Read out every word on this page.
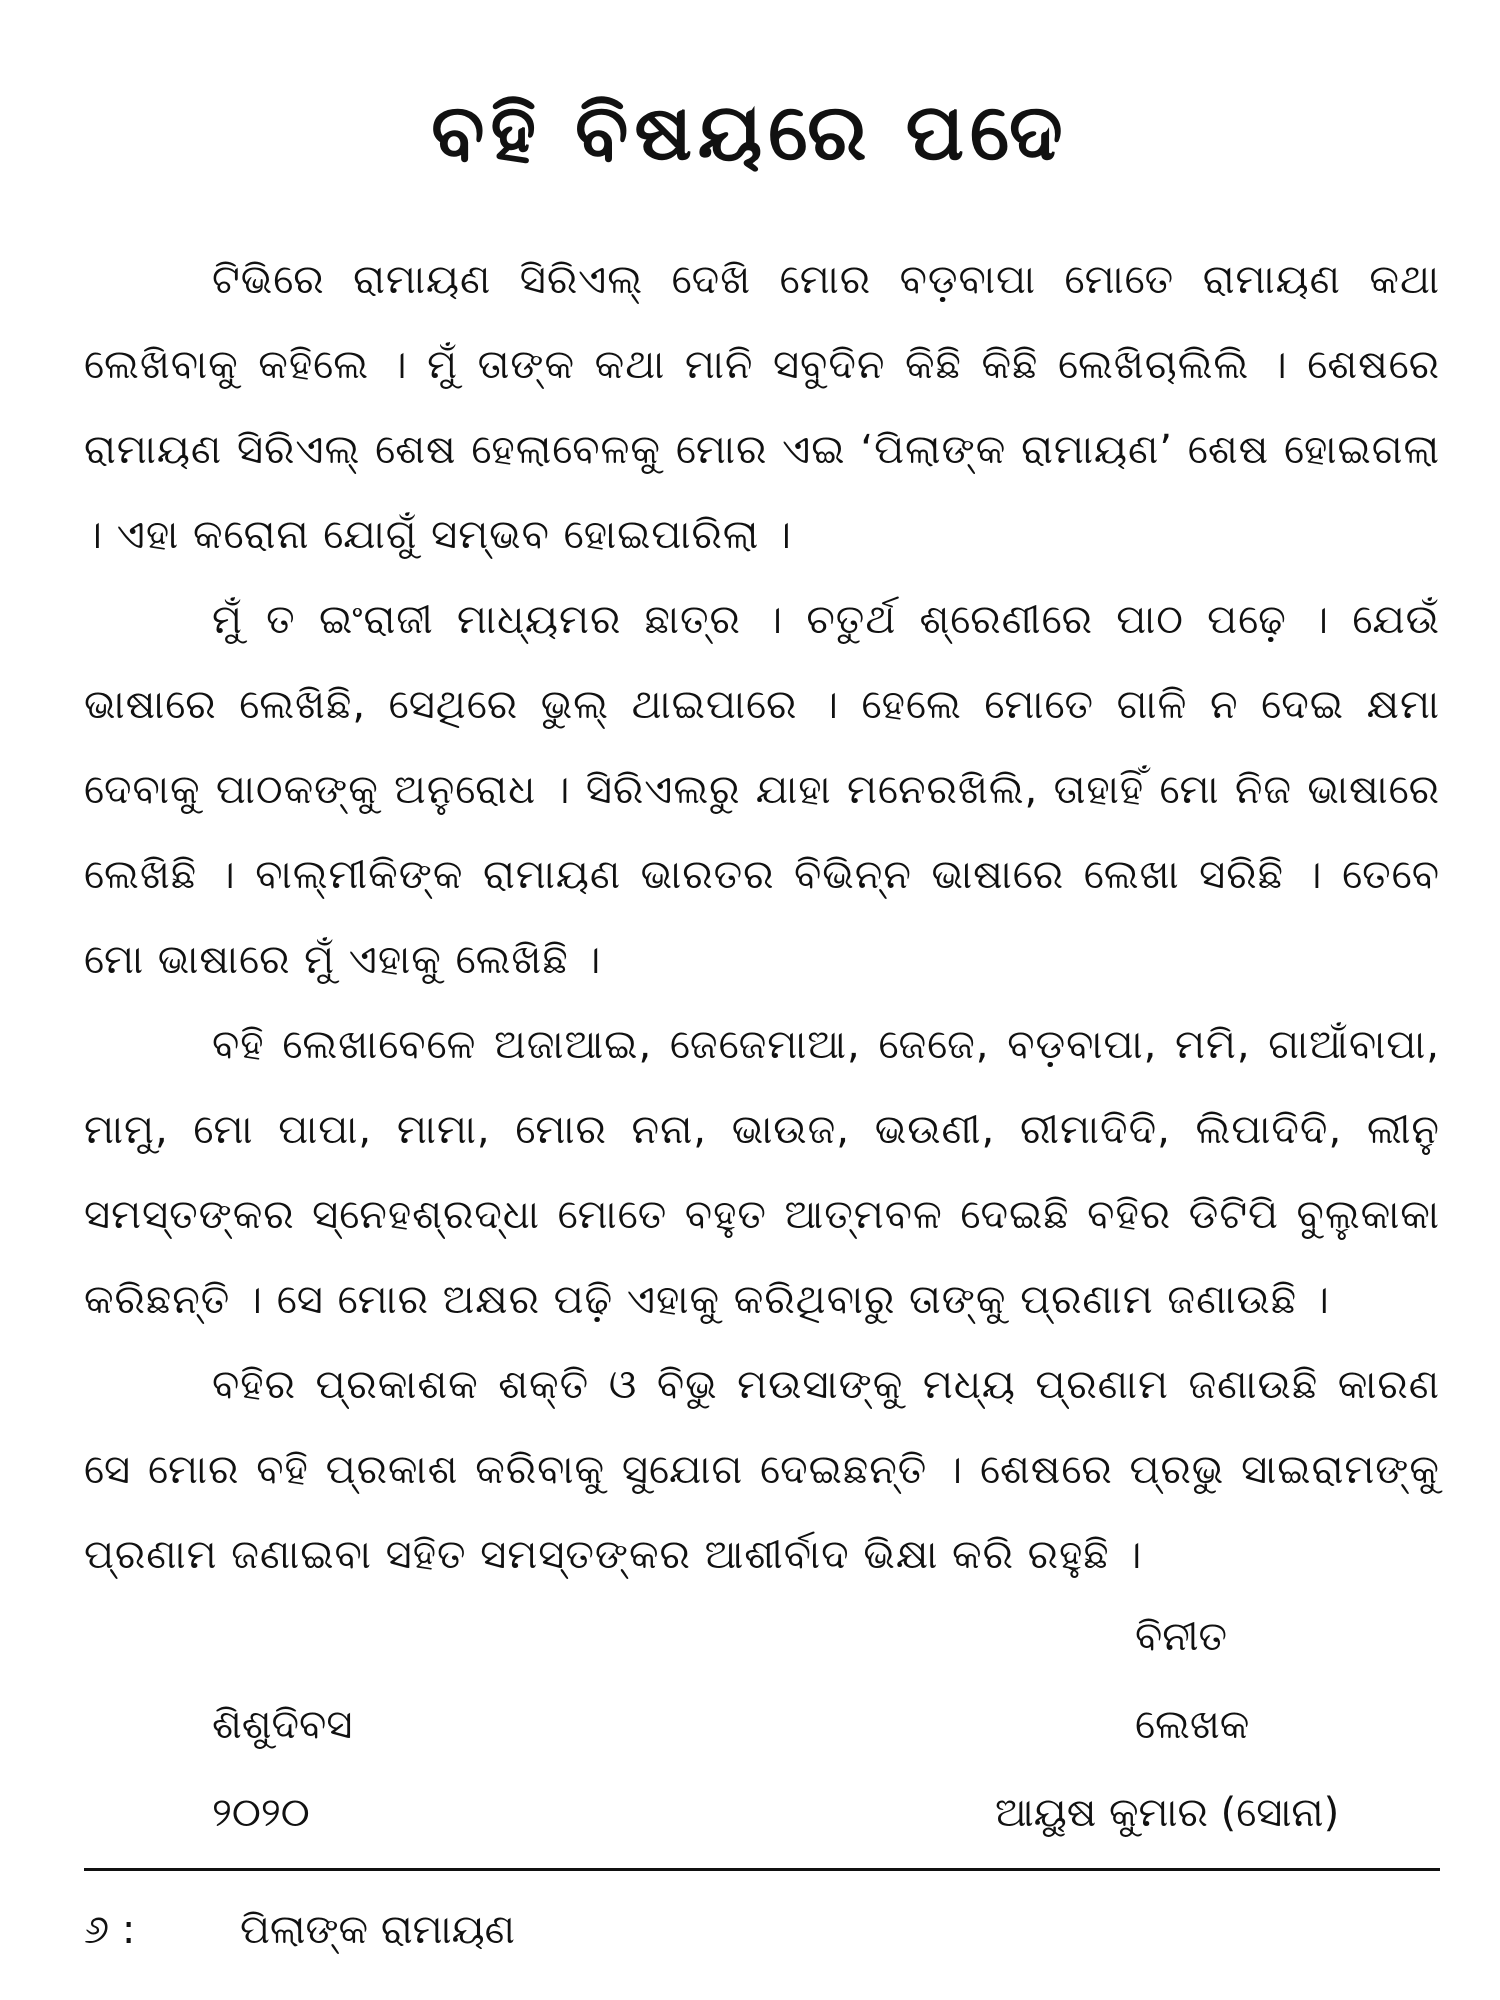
ବହି ବିଷୟରେ ପଦେ

ଟିଭିରେ ରାମାୟଣ ସିରିଏଲ୍ ଦେଖି ମୋର ବଡ଼ବାପା ମୋତେ ରାମାୟଣ କଥା ଲେଖିବାକୁ କହିଲେ । ମୁଁ ତାଙ୍କ କଥା ମାନି ସବୁଦିନ କିଛି କିଛି ଲେଖିଚାଲିଲି । ଶେଷରେ ରାମାୟଣ ସିରିଏଲ୍ ଶେଷ ହେଲାବେଳକୁ ମୋର ଏଇ ‘ପିଲାଙ୍କ ରାମାୟଣ’ ଶେଷ ହୋଇଗଲା । ଏହା କରୋନା ଯୋଗୁଁ ସମ୍ଭବ ହୋଇପାରିଲା ।

ମୁଁ ତ ଇଂରାଜୀ ମାଧ୍ୟମର ଛାତ୍ର । ଚତୁର୍ଥ ଶ୍ରେଣୀରେ ପାଠ ପଢ଼େ । ଯେଉଁ ଭାଷାରେ ଲେଖିଛି, ସେଥିରେ ଭୁଲ୍ ଥାଇପାରେ । ହେଲେ ମୋତେ ଗାଳି ନ ଦେଇ କ୍ଷମା ଦେବାକୁ ପାଠକଙ୍କୁ ଅନୁରୋଧ । ସିରିଏଲରୁ ଯାହା ମନେରଖିଲି, ତାହାହିଁ ମୋ ନିଜ ଭାଷାରେ ଲେଖିଛି । ବାଲ୍ମୀକିଙ୍କ ରାମାୟଣ ଭାରତର ବିଭିନ୍ନ ଭାଷାରେ ଲେଖା ସରିଛି । ତେବେ ମୋ ଭାଷାରେ ମୁଁ ଏହାକୁ ଲେଖିଛି ।

ବହି ଲେଖାବେଳେ ଅଜାଆଇ, ଜେଜେମାଆ, ଜେଜେ, ବଡ଼ବାପା, ମମି, ଗାଆଁବାପା, ମାମୁ, ମୋ ପାପା, ମାମା, ମୋର ନନା, ଭାଉଜ, ଭଉଣୀ, ରୀମାଦିଦି, ଲିପାଦିଦି, ଲୀନୁ ସମସ୍ତଙ୍କର ସ୍ନେହଶ୍ରଦ୍ଧା ମୋତେ ବହୁତ ଆତ୍ମବଳ ଦେଇଛି ବହିର ଡିଟିପି ବୁଲୁକାକା କରିଛନ୍ତି । ସେ ମୋର ଅକ୍ଷର ପଢ଼ି ଏହାକୁ କରିଥିବାରୁ ତାଙ୍କୁ ପ୍ରଣାମ ଜଣାଉଛି ।

ବହିର ପ୍ରକାଶକ ଶକ୍ତି ଓ ବିଭୁ ମଉସାଙ୍କୁ ମଧ୍ୟ ପ୍ରଣାମ ଜଣାଉଛି କାରଣ ସେ ମୋର ବହି ପ୍ରକାଶ କରିବାକୁ ସୁଯୋଗ ଦେଇଛନ୍ତି । ଶେଷରେ ପ୍ରଭୁ ସାଇରାମଙ୍କୁ ପ୍ରଣାମ ଜଣାଇବା ସହିତ ସମସ୍ତଙ୍କର ଆଶୀର୍ବାଦ ଭିକ୍ଷା କରି ରହୁଛି ।

ବିନୀତ
ଶିଶୁଦିବସ	ଲେଖକ
୨୦୨୦	ଆୟୁଷ କୁମାର (ସୋନା)
୬ :	ପିଲାଙ୍କ ରାମାୟଣ
